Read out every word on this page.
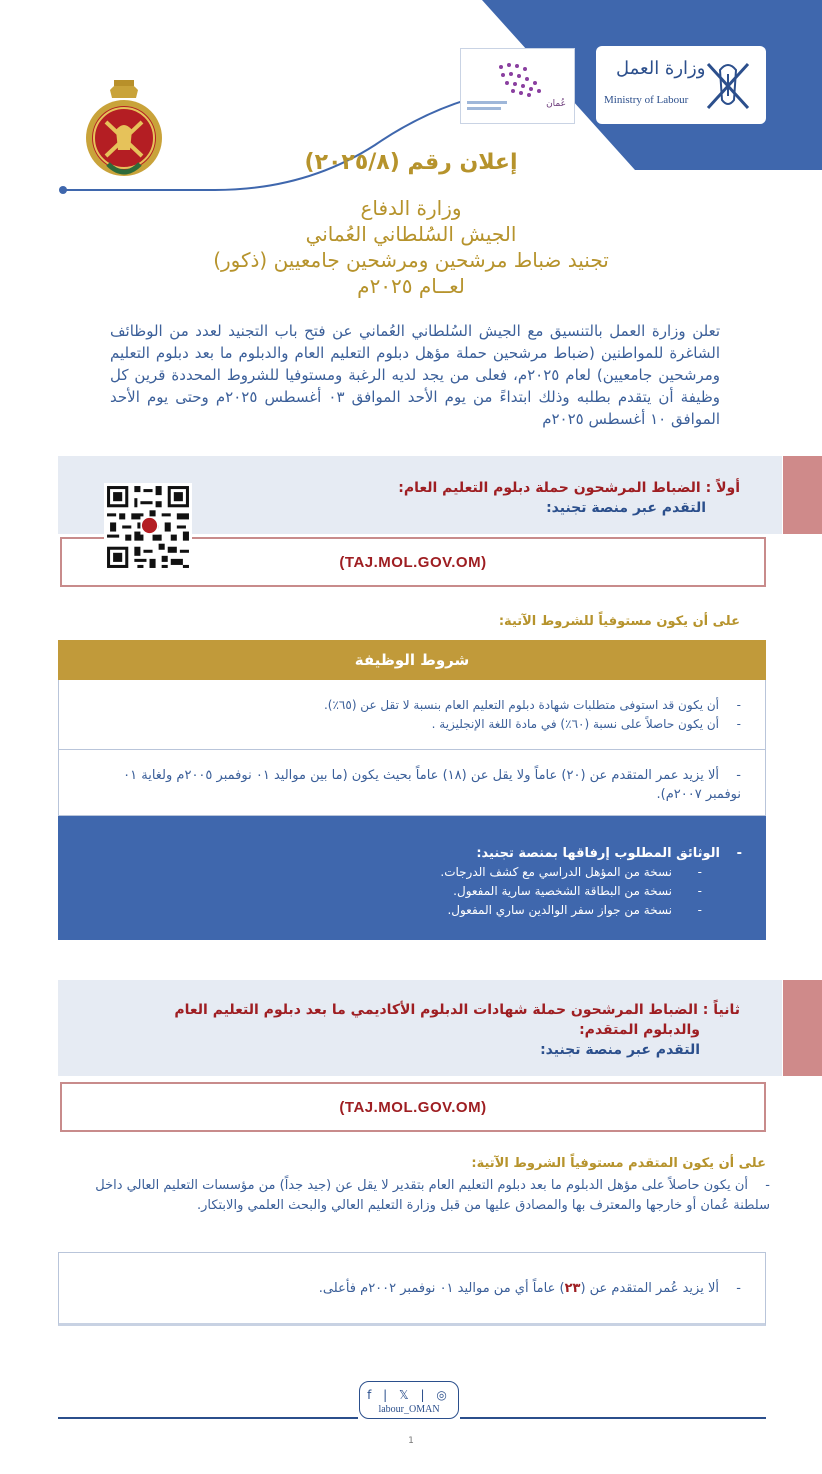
عُمان
وزارة العمل
Ministry of Labour
إعلان رقم (٢٠٢٥/٨)
وزارة الدفاع
الجيش السُلطاني العُماني
تجنيد ضباط مرشحين ومرشحين جامعيين (ذكور)
لعــام ٢٠٢٥م
تعلن وزارة العمل بالتنسيق مع الجيش السُلطاني العُماني عن فتح باب التجنيد لعدد من الوظائف الشاغرة للمواطنين (ضباط مرشحين حملة مؤهل دبلوم التعليم العام والدبلوم ما بعد دبلوم التعليم ومرشحين جامعيين) لعام ٢٠٢٥م، فعلى من يجد لديه الرغبة ومستوفيا للشروط المحددة قرين كل وظيفة أن يتقدم بطلبه وذلك ابتداءً من يوم الأحد الموافق ٠٣ أغسطس ٢٠٢٥م وحتى يوم الأحد الموافق ١٠ أغسطس ٢٠٢٥م
أولاً : الضباط المرشحون حملة دبلوم التعليم العام:
التقدم عبر منصة تجنيد:
(TAJ.MOL.GOV.OM)
على أن يكون مستوفياً للشروط الآتية:
شروط الوظيفة
- أن يكون قد استوفى متطلبات شهادة دبلوم التعليم العام بنسبة لا تقل عن (٦٥٪).
- أن يكون حاصلاً على نسبة (٦٠٪) في مادة اللغة الإنجليزية .
- ألا يزيد عمر المتقدم عن (٢٠) عاماً ولا يقل عن (١٨) عاماً بحيث يكون (ما بين مواليد ٠١ نوفمبر ٢٠٠٥م ولغاية ٠١ نوفمبر ٢٠٠٧م).
- الوثائق المطلوب إرفاقها بمنصة تجنيد:
- نسخة من المؤهل الدراسي مع كشف الدرجات.
- نسخة من البطاقة الشخصية سارية المفعول.
- نسخة من جواز سفر الوالدين ساري المفعول.
ثانياً : الضباط المرشحون حملة شهادات الدبلوم الأكاديمي ما بعد دبلوم التعليم العام
والدبلوم المتقدم:
التقدم عبر منصة تجنيد:
(TAJ.MOL.GOV.OM)
على أن يكون المتقدم مستوفياً الشروط الآتية:
- أن يكون حاصلاً على مؤهل الدبلوم ما بعد دبلوم التعليم العام بتقدير لا يقل عن (جيد جداً) من مؤسسات التعليم العالي داخل سلطنة عُمان أو خارجها والمعترف بها والمصادق عليها من قبل وزارة التعليم العالي والبحث العلمي والابتكار.
-ألا يزيد عُمر المتقدم عن (٢٣) عاماً أي من مواليد ٠١ نوفمبر ٢٠٠٢م فأعلى.
f | 𝕏 | ◎
labour_OMAN
1
